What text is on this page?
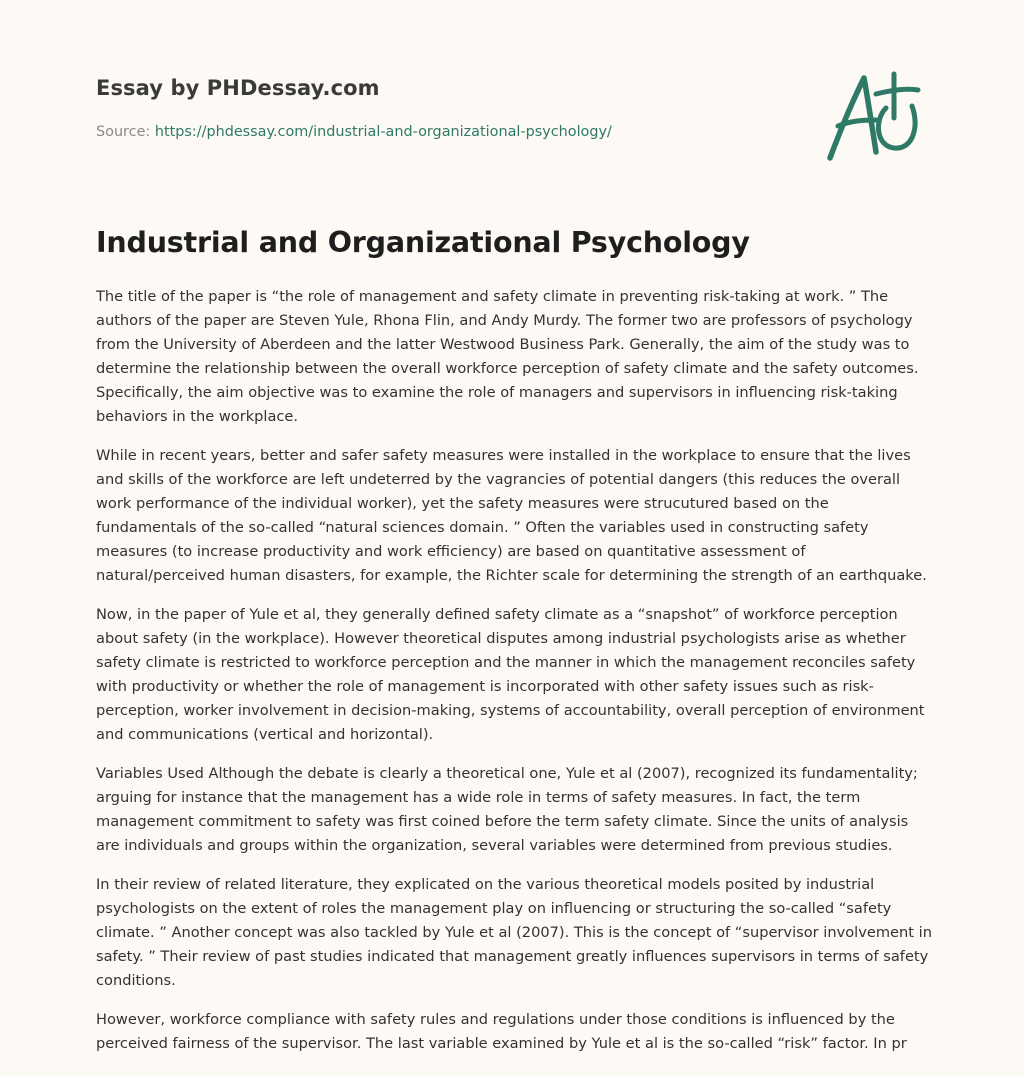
Essay by PHDessay.com
Source: https://phdessay.com/industrial-and-organizational-psychology/
Industrial and Organizational Psychology

The title of the paper is “the role of management and safety climate in preventing risk-taking at work. ” The
authors of the paper are Steven Yule, Rhona Flin, and Andy Murdy. The former two are professors of psychology
from the University of Aberdeen and the latter Westwood Business Park. Generally, the aim of the study was to
determine the relationship between the overall workforce perception of safety climate and the safety outcomes.
Specifically, the aim objective was to examine the role of managers and supervisors in influencing risk-taking
behaviors in the workplace.

While in recent years, better and safer safety measures were installed in the workplace to ensure that the lives
and skills of the workforce are left undeterred by the vagrancies of potential dangers (this reduces the overall
work performance of the individual worker), yet the safety measures were strucutured based on the
fundamentals of the so-called “natural sciences domain. ” Often the variables used in constructing safety
measures (to increase productivity and work efficiency) are based on quantitative assessment of
natural/perceived human disasters, for example, the Richter scale for determining the strength of an earthquake.

Now, in the paper of Yule et al, they generally defined safety climate as a “snapshot” of workforce perception
about safety (in the workplace). However theoretical disputes among industrial psychologists arise as whether
safety climate is restricted to workforce perception and the manner in which the management reconciles safety
with productivity or whether the role of management is incorporated with other safety issues such as risk-
perception, worker involvement in decision-making, systems of accountability, overall perception of environment
and communications (vertical and horizontal).

Variables Used Although the debate is clearly a theoretical one, Yule et al (2007), recognized its fundamentality;
arguing for instance that the management has a wide role in terms of safety measures. In fact, the term
management commitment to safety was first coined before the term safety climate. Since the units of analysis
are individuals and groups within the organization, several variables were determined from previous studies.

In their review of related literature, they explicated on the various theoretical models posited by industrial
psychologists on the extent of roles the management play on influencing or structuring the so-called “safety
climate. ” Another concept was also tackled by Yule et al (2007). This is the concept of “supervisor involvement in
safety. ” Their review of past studies indicated that management greatly influences supervisors in terms of safety
conditions.

However, workforce compliance with safety rules and regulations under those conditions is influenced by the
perceived fairness of the supervisor. The last variable examined by Yule et al is the so-called “risk” factor. In pr
